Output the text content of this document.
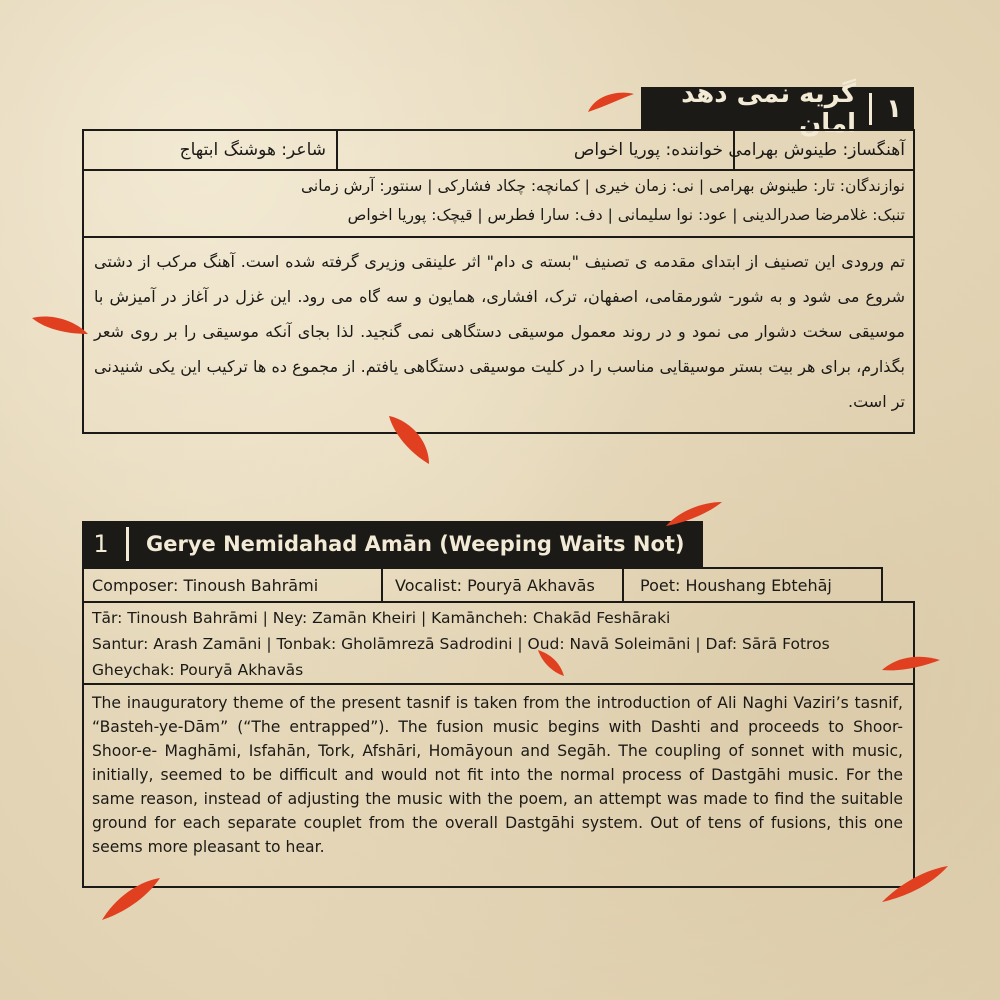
۱
گریه نمی دهد امان
شاعر: هوشنگ ابتهاج	خواننده: پوریا اخواص آهنگساز: طینوش بهرامی
نوازندگان: تار: طینوش بهرامی | نی: زمان خیری | کمانچه: چکاد فشارکی | سنتور: آرش زمانی
تنبک: غلامرضا صدرالدینی | عود: نوا سلیمانی | دف: سارا فطرس | قیچک: پوریا اخواص
تم ورودی این تصنیف از ابتدای مقدمه ی تصنیف "بسته ی دام" اثر علینقی وزیری گرفته شده است. آهنگ مرکب از دشتی شروع می شود و به شور- شورمقامی، اصفهان، ترک، افشاری، همایون و سه گاه می رود. این غزل در آغاز در آمیزش با موسیقی سخت دشوار می نمود و در روند معمول موسیقی دستگاهی نمی گنجید. لذا بجای آنکه موسیقی را بر روی شعر بگذارم، برای هر بیت بستر موسیقایی مناسب را در کلیت موسیقی دستگاهی یافتم. از مجموع ده ها ترکیب این یکی شنیدنی تر است.
1	Gerye Nemidahad Amān (Weeping Waits Not)
Composer: Tinoush Bahrāmi	Vocalist: Pouryā Akhavās	Poet: Houshang Ebtehāj
Tār: Tinoush Bahrāmi | Ney: Zamān Kheiri | Kamāncheh: Chakād Feshāraki
Santur: Arash Zamāni | Tonbak: Gholāmrezā Sadrodini | Oud: Navā Soleimāni | Daf: Sārā Fotros
Gheychak: Pouryā Akhavās
The inauguratory theme of the present tasnif is taken from the introduction of Ali Naghi Vaziri’s tasnif, “Basteh-ye-Dām” (“The entrapped”). The fusion music begins with Dashti and proceeds to Shoor- Shoor-e- Maghāmi, Isfahān, Tork, Afshāri, Homāyoun and Segāh. The coupling of sonnet with music, initially, seemed to be difficult and would not fit into the normal process of Dastgāhi music. For the same reason, instead of adjusting the music with the poem, an attempt was made to find the suitable ground for each separate couplet from the overall Dastgāhi system. Out of tens of fusions, this one seems more pleasant to hear.
